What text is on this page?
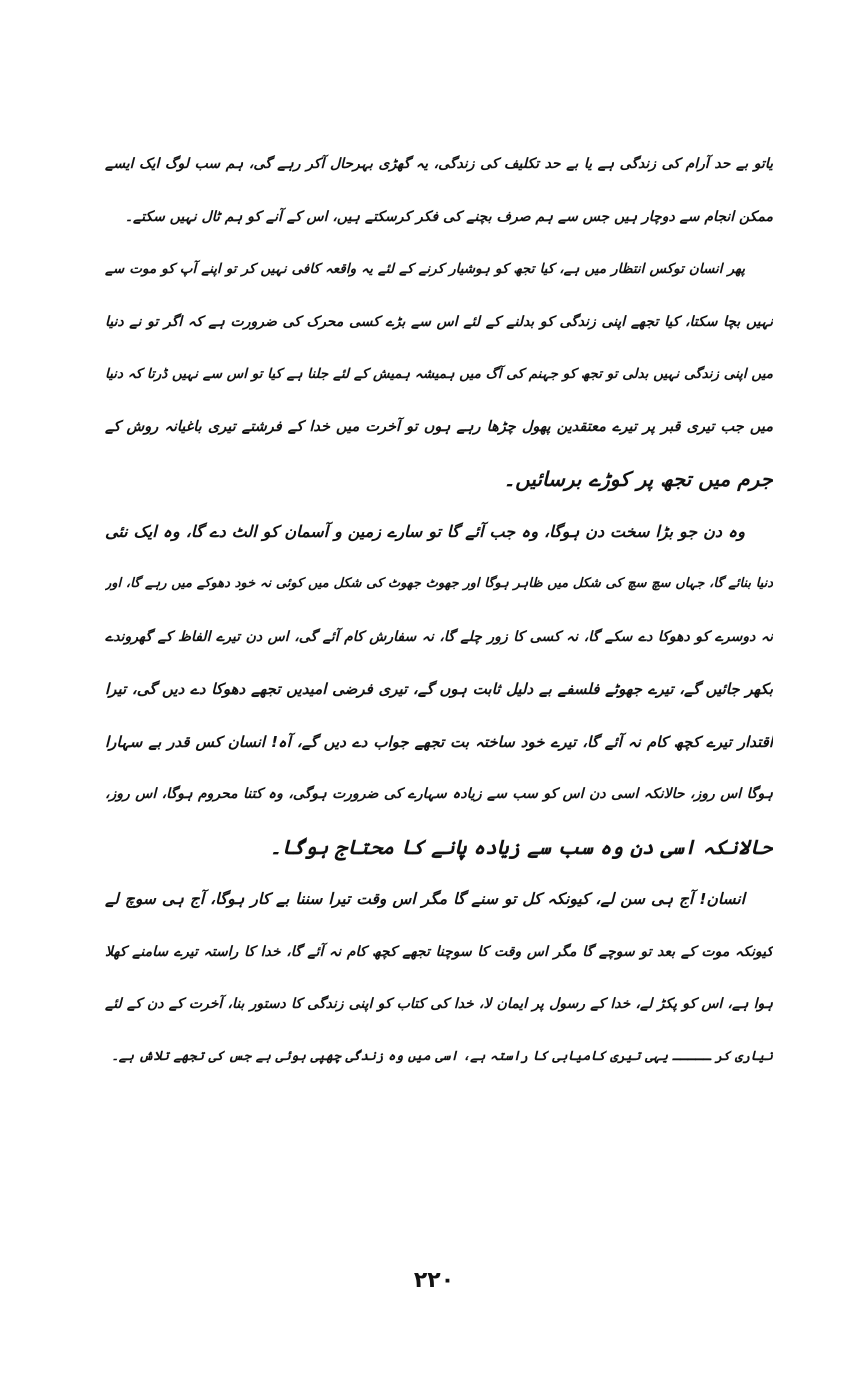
یاتو بے حد آرام کی زندگی ہے یا بے حد تکلیف کی زندگی، یہ گھڑی بہرحال آکر رہے گی، ہم سب لوگ ایک ایسے
ممکن انجام سے دوچار ہیں جس سے ہم صرف بچنے کی فکر کرسکتے ہیں، اس کے آنے کو ہم ٹال نہیں سکتے۔
پھر انسان توکس انتظار میں ہے، کیا تجھ کو ہوشیار کرنے کے لئے یہ واقعہ کافی نہیں کر تو اپنے آپ کو موت سے
نہیں بچا سکتا، کیا تجھے اپنی زندگی کو بدلنے کے لئے اس سے بڑے کسی محرک کی ضرورت ہے کہ اگر تو نے دنیا
میں اپنی زندگی نہیں بدلی تو تجھ کو جہنم کی آگ میں ہمیشہ ہمیش کے لئے جلنا ہے کیا تو اس سے نہیں ڈرتا کہ دنیا
میں جب تیری قبر پر تیرے معتقدین پھول چڑھا رہے ہوں تو آخرت میں خدا کے فرشتے تیری باغیانہ روش کے
جرم میں تجھ پر کوڑے برسائیں۔
وہ دن جو بڑا سخت دن ہوگا، وہ جب آئے گا تو سارے زمین و آسمان کو الٹ دے گا، وہ ایک نئی
دنیا بنائے گا، جہاں سچ سچ کی شکل میں ظاہر ہوگا اور جھوٹ جھوٹ کی شکل میں کوئی نہ خود دھوکے میں رہے گا، اور
نہ دوسرے کو دھوکا دے سکے گا، نہ کسی کا زور چلے گا، نہ سفارش کام آئے گی، اس دن تیرے الفاظ کے گھروندے
بکھر جائیں گے، تیرے جھوٹے فلسفے بے دلیل ثابت ہوں گے، تیری فرضی امیدیں تجھے دھوکا دے دیں گی، تیرا
اقتدار تیرے کچھ کام نہ آئے گا، تیرے خود ساختہ بت تجھے جواب دے دیں گے، آہ! انسان کس قدر بے سہارا
ہوگا اس روز، حالانکہ اسی دن اس کو سب سے زیادہ سہارے کی ضرورت ہوگی، وہ کتنا محروم ہوگا، اس روز،
حالانکہ اسی دن وہ سب سے زیادہ پانے کا محتاج ہوگا۔
انسان! آج ہی سن لے، کیونکہ کل تو سنے گا مگر اس وقت تیرا سننا بے کار ہوگا، آج ہی سوچ لے
کیونکہ موت کے بعد تو سوچے گا مگر اس وقت کا سوچنا تجھے کچھ کام نہ آئے گا، خدا کا راستہ تیرے سامنے کھلا
ہوا ہے، اس کو پکڑ لے، خدا کے رسول پر ایمان لا، خدا کی کتاب کو اپنی زندگی کا دستور بنا، آخرت کے دن کے لئے
تیاری کر ـــــ یہی تیری کامیابی کا راستہ ہے، اسی میں وہ زندگی چھپی ہوئی ہے جس کی تجھے تلاش ہے۔
۲۲۰
